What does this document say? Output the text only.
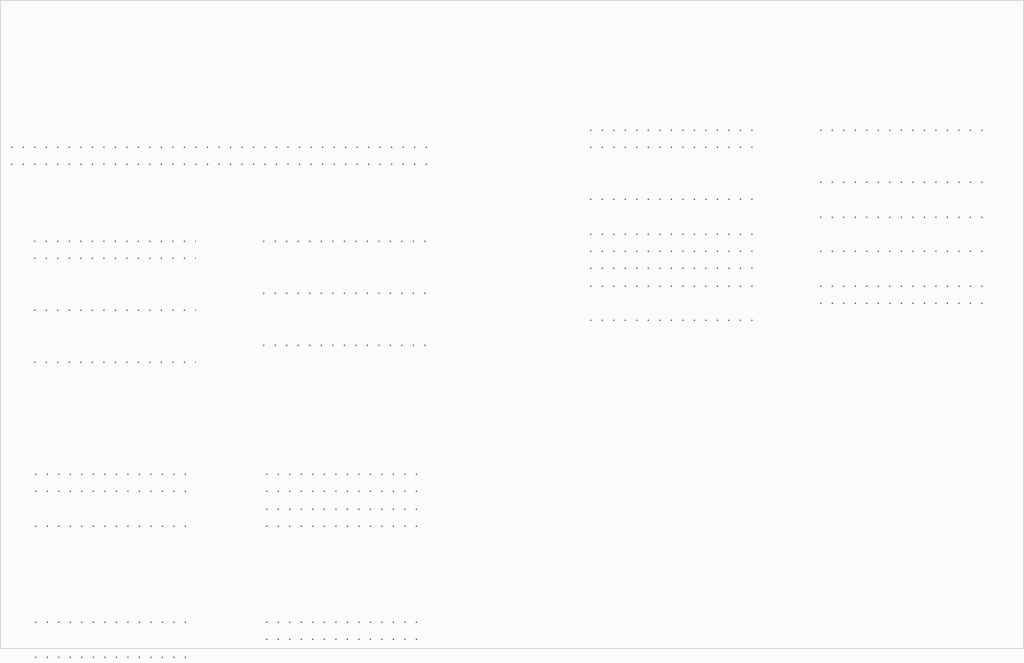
. . .
. . .
. . .
. . .
. . .
. . .
. . .
. . .
. . .
. . .
. . .
. . .
. . .
. . .
. . .
. . .
. . .
. . .
. . .
. . .
. . .
. . .
. . .
. . .
. . .
. . .
. . .
. . .
. . .
. . .
. . .
. . .
. . .
. . .
